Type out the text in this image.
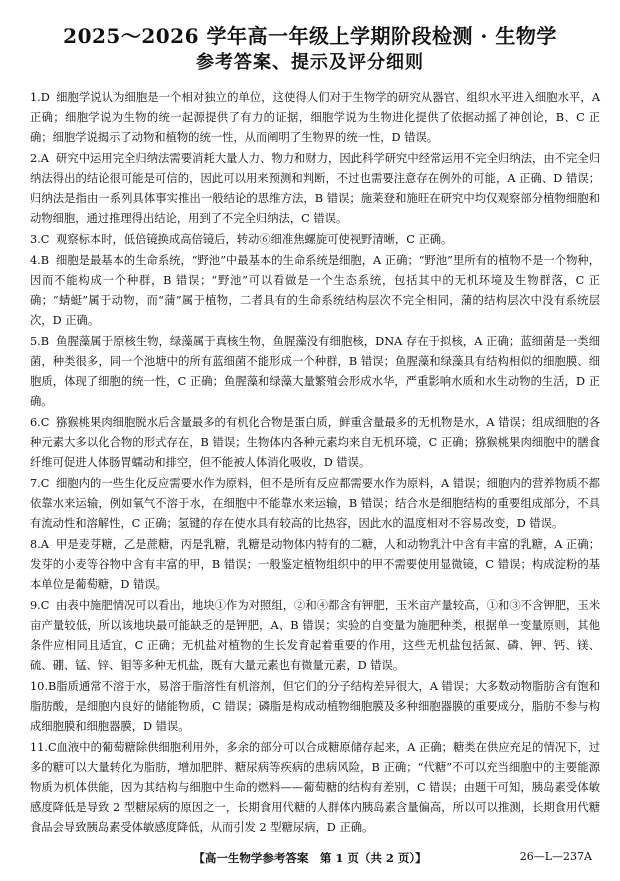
2025～2026 学年高一年级上学期阶段检测 · 生物学
参考答案、提示及评分细则
1.D 细胞学说认为细胞是一个相对独立的单位，这使得人们对于生物学的研究从器官、组织水平进入细胞水平，A 正确；细胞学说为生物的统一起源提供了有力的证据，细胞学说为生物进化提供了依据动摇了神创论，B、C 正确；细胞学说揭示了动物和植物的统一性，从而阐明了生物界的统一性，D 错误。
2.A 研究中运用完全归纳法需要消耗大量人力、物力和财力，因此科学研究中经常运用不完全归纳法，由不完全归纳法得出的结论很可能是可信的，因此可以用来预测和判断，不过也需要注意存在例外的可能，A 正确、D 错误；归纳法是指由一系列具体事实推出一般结论的思维方法，B 错误；施莱登和施旺在研究中均仅观察部分植物细胞和动物细胞，通过推理得出结论，用到了不完全归纳法，C 错误。
3.C 观察标本时，低倍镜换成高倍镜后，转动⑥细准焦螺旋可使视野清晰，C 正确。
4.B 细胞是最基本的生命系统，“野池”中最基本的生命系统是细胞，A 正确；“野池”里所有的植物不是一个物种，因而不能构成一个种群，B 错误；“野池”可以看做是一个生态系统，包括其中的无机环境及生物群落，C 正确；“蜻蜓”属于动物，而“蒲”属于植物，二者具有的生命系统结构层次不完全相同，蒲的结构层次中没有系统层次，D 正确。
5.B 鱼腥藻属于原核生物，绿藻属于真核生物，鱼腥藻没有细胞核，DNA 存在于拟核，A 正确；蓝细菌是一类细菌，种类很多，同一个池塘中的所有蓝细菌不能形成一个种群，B 错误；鱼腥藻和绿藻具有结构相似的细胞膜、细胞质，体现了细胞的统一性，C 正确；鱼腥藻和绿藻大量繁殖会形成水华，严重影响水质和水生动物的生活，D 正确。
6.C 猕猴桃果肉细胞脱水后含量最多的有机化合物是蛋白质，鲜重含量最多的无机物是水，A 错误；组成细胞的各种元素大多以化合物的形式存在，B 错误；生物体内各种元素均来自无机环境，C 正确；猕猴桃果肉细胞中的膳食纤维可促进人体肠胃蠕动和排空，但不能被人体消化吸收，D 错误。
7.C 细胞内的一些生化反应需要水作为原料，但不是所有反应都需要水作为原料，A 错误；细胞内的营养物质不都依靠水来运输，例如氧气不溶于水，在细胞中不能靠水来运输，B 错误；结合水是细胞结构的重要组成部分，不具有流动性和溶解性，C 正确；氢键的存在使水具有较高的比热容，因此水的温度相对不容易改变，D 错误。
8.A 甲是麦芽糖，乙是蔗糖，丙是乳糖，乳糖是动物体内特有的二糖，人和动物乳汁中含有丰富的乳糖，A 正确；发芽的小麦等谷物中含有丰富的甲，B 错误；一般鉴定植物组织中的甲不需要使用显微镜，C 错误；构成淀粉的基本单位是葡萄糖，D 错误。
9.C 由表中施肥情况可以看出，地块①作为对照组，②和④都含有钾肥，玉米亩产量较高，①和③不含钾肥，玉米亩产量较低，所以该地块最可能缺乏的是钾肥，A、B 错误；实验的自变量为施肥种类，根据单一变量原则，其他条件应相同且适宜，C 正确；无机盐对植物的生长发育起着重要的作用，这些无机盐包括氮、磷、钾、钙、镁、硫、硼、锰、锌、钼等多种无机盐，既有大量元素也有微量元素，D 错误。
10.B脂质通常不溶于水，易溶于脂溶性有机溶剂，但它们的分子结构差异很大，A 错误；大多数动物脂肪含有饱和脂肪酸，是细胞内良好的储能物质，C 错误；磷脂是构成动植物细胞膜及多种细胞器膜的重要成分，脂肪不参与构成细胞膜和细胞器膜，D 错误。
11.C血液中的葡萄糖除供细胞利用外，多余的部分可以合成糖原储存起来，A 正确；糖类在供应充足的情况下，过多的糖可以大量转化为脂肪，增加肥胖、糖尿病等疾病的患病风险，B 正确；“代糖”不可以充当细胞中的主要能源物质为机体供能，因为其结构与细胞中生命的燃料——葡萄糖的结构有差别，C 错误；由题干可知，胰岛素受体敏感度降低是导致 2 型糖尿病的原因之一，长期食用代糖的人群体内胰岛素含量偏高，所以可以推测，长期食用代糖食品会导致胰岛素受体敏感度降低，从而引发 2 型糖尿病，D 正确。
【高一生物学参考答案　第 1 页（共 2 页）】	26—L—237A
